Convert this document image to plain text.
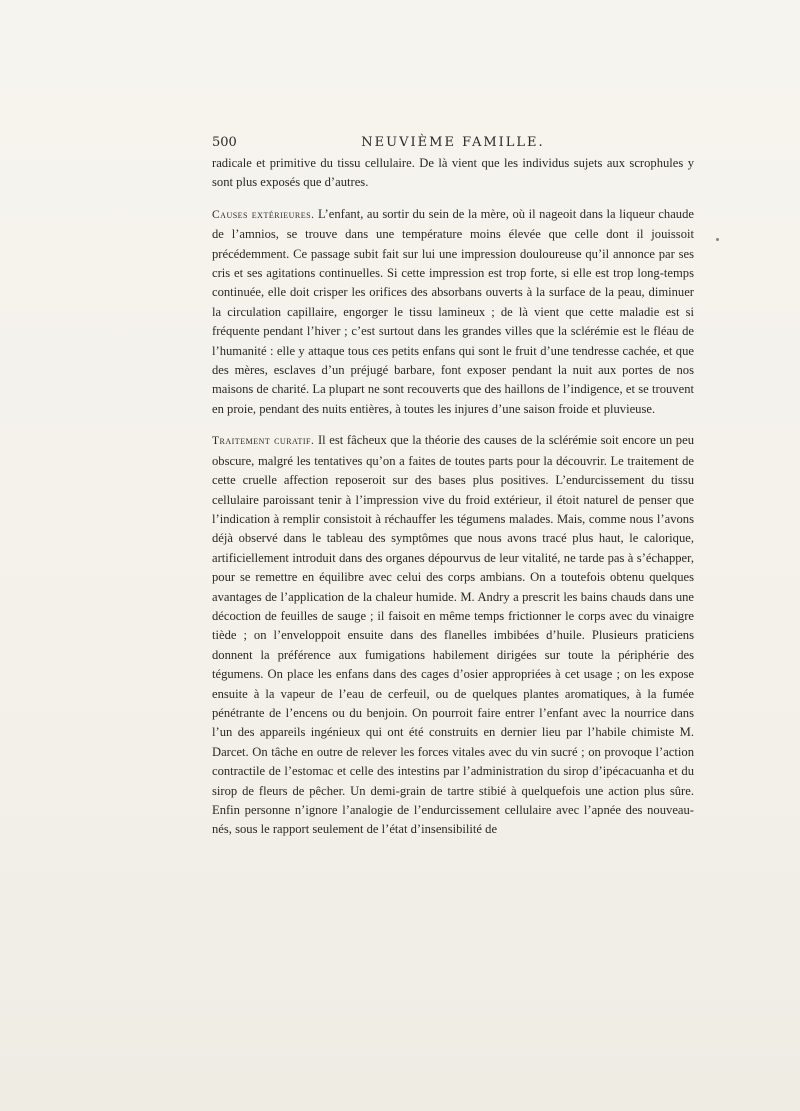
500	NEUVIÈME FAMILLE.

radicale et primitive du tissu cellulaire. De là vient que les individus sujets aux scrophules y sont plus exposés que d’autres.

Causes extérieures. L’enfant, au sortir du sein de la mère, où il nageoit dans la liqueur chaude de l’amnios, se trouve dans une température moins élevée que celle dont il jouissoit précédemment. Ce passage subit fait sur lui une impression douloureuse qu’il annonce par ses cris et ses agitations continuelles. Si cette impression est trop forte, si elle est trop long-temps continuée, elle doit crisper les orifices des absorbans ouverts à la surface de la peau, diminuer la circulation capillaire, engorger le tissu lamineux ; de là vient que cette maladie est si fréquente pendant l’hiver ; c’est surtout dans les grandes villes que la sclérémie est le fléau de l’humanité : elle y attaque tous ces petits enfans qui sont le fruit d’une tendresse cachée, et que des mères, esclaves d’un préjugé barbare, font exposer pendant la nuit aux portes de nos maisons de charité. La plupart ne sont recouverts que des haillons de l’indigence, et se trouvent en proie, pendant des nuits entières, à toutes les injures d’une saison froide et pluvieuse.

Traitement curatif. Il est fâcheux que la théorie des causes de la sclérémie soit encore un peu obscure, malgré les tentatives qu’on a faites de toutes parts pour la découvrir. Le traitement de cette cruelle affection reposeroit sur des bases plus positives. L’endurcissement du tissu cellulaire paroissant tenir à l’impression vive du froid extérieur, il étoit naturel de penser que l’indication à remplir consistoit à réchauffer les tégumens malades. Mais, comme nous l’avons déjà observé dans le tableau des symptômes que nous avons tracé plus haut, le calorique, artificiellement introduit dans des organes dépourvus de leur vitalité, ne tarde pas à s’échapper, pour se remettre en équilibre avec celui des corps ambians. On a toutefois obtenu quelques avantages de l’application de la chaleur humide. M. Andry a prescrit les bains chauds dans une décoction de feuilles de sauge ; il faisoit en même temps frictionner le corps avec du vinaigre tiède ; on l’enveloppoit ensuite dans des flanelles imbibées d’huile. Plusieurs praticiens donnent la préférence aux fumigations habilement dirigées sur toute la périphérie des tégumens. On place les enfans dans des cages d’osier appropriées à cet usage ; on les expose ensuite à la vapeur de l’eau de cerfeuil, ou de quelques plantes aromatiques, à la fumée pénétrante de l’encens ou du benjoin. On pourroit faire entrer l’enfant avec la nourrice dans l’un des appareils ingénieux qui ont été construits en dernier lieu par l’habile chimiste M. Darcet. On tâche en outre de relever les forces vitales avec du vin sucré ; on provoque l’action contractile de l’estomac et celle des intestins par l’administration du sirop d’ipécacuanha et du sirop de fleurs de pêcher. Un demi-grain de tartre stibié à quelquefois une action plus sûre. Enfin personne n’ignore l’analogie de l’endurcissement cellulaire avec l’apnée des nouveau-nés, sous le rapport seulement de l’état d’insensibilité de
